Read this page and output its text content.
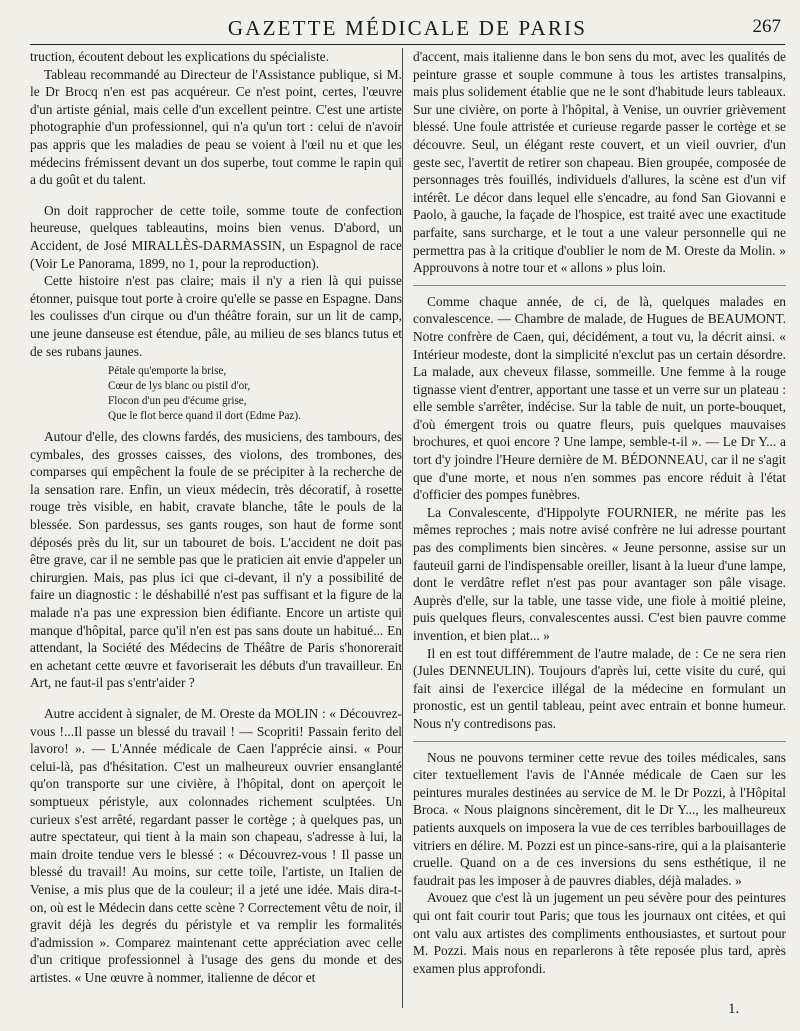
GAZETTE MÉDICALE DE PARIS	267

truction, écoutent debout les explications du spécialiste.

Tableau recommandé au Directeur de l'Assistance publique, si M. le Dr Brocq n'en est pas acquéreur. Ce n'est point, certes, l'œuvre d'un artiste génial, mais celle d'un excellent peintre. C'est une artiste photographie d'un professionnel, qui n'a qu'un tort : celui de n'avoir pas appris que les maladies de peau se voient à l'œil nu et que les médecins frémissent devant un dos superbe, tout comme le rapin qui a du goût et du talent.

On doit rapprocher de cette toile, somme toute de confection heureuse, quelques tableautins, moins bien venus. D'abord, un Accident, de José MIRALLÈS-DARMASSIN, un Espagnol de race (Voir Le Panorama, 1899, no 1, pour la reproduction).

Cette histoire n'est pas claire; mais il n'y a rien là qui puisse étonner, puisque tout porte à croire qu'elle se passe en Espagne. Dans les coulisses d'un cirque ou d'un théâtre forain, sur un lit de camp, une jeune danseuse est étendue, pâle, au milieu de ses blancs tutus et de ses rubans jaunes.

Pétale qu'emporte la brise,
Cœur de lys blanc ou pistil d'or,
Flocon d'un peu d'écume grise,
Que le flot berce quand il dort (Edme Paz).

Autour d'elle, des clowns fardés, des musiciens, des tambours, des cymbales, des grosses caisses, des violons, des trombones, des comparses qui empêchent la foule de se précipiter à la recherche de la sensation rare. Enfin, un vieux médecin, très décoratif, à rosette rouge très visible, en habit, cravate blanche, tâte le pouls de la blessée. Son pardessus, ses gants rouges, son haut de forme sont déposés près du lit, sur un tabouret de bois. L'accident ne doit pas être grave, car il ne semble pas que le praticien ait envie d'appeler un chirurgien. Mais, pas plus ici que ci-devant, il n'y a possibilité de faire un diagnostic : le déshabillé n'est pas suffisant et la figure de la malade n'a pas une expression bien édifiante. Encore un artiste qui manque d'hôpital, parce qu'il n'en est pas sans doute un habitué... En attendant, la Société des Médecins de Théâtre de Paris s'honorerait en achetant cette œuvre et favoriserait les débuts d'un travailleur. En Art, ne faut-il pas s'entr'aider ?

Autre accident à signaler, de M. Oreste da MOLIN : « Découvrez-vous !...Il passe un blessé du travail ! — Scopriti! Passain ferito del lavoro! ». — L'Année médicale de Caen l'apprécie ainsi. « Pour celui-là, pas d'hésitation. C'est un malheureux ouvrier ensanglanté qu'on transporte sur une civière, à l'hôpital, dont on aperçoit le somptueux péristyle, aux colonnades richement sculptées. Un curieux s'est arrêté, regardant passer le cortège ; à quelques pas, un autre spectateur, qui tient à la main son chapeau, s'adresse à lui, la main droite tendue vers le blessé : « Découvrez-vous ! Il passe un blessé du travail! Au moins, sur cette toile, l'artiste, un Italien de Venise, a mis plus que de la couleur; il a jeté une idée. Mais dira-t-on, où est le Médecin dans cette scène ? Correctement vêtu de noir, il gravit déjà les degrés du péristyle et va remplir les formalités d'admission ». Comparez maintenant cette appréciation avec celle d'un critique professionnel à l'usage des gens du monde et des artistes. « Une œuvre à nommer, italienne de décor et

d'accent, mais italienne dans le bon sens du mot, avec les qualités de peinture grasse et souple commune à tous les artistes transalpins, mais plus solidement établie que ne le sont d'habitude leurs tableaux. Sur une civière, on porte à l'hôpital, à Venise, un ouvrier grièvement blessé. Une foule attristée et curieuse regarde passer le cortège et se découvre. Seul, un élégant reste couvert, et un vieil ouvrier, d'un geste sec, l'avertit de retirer son chapeau. Bien groupée, composée de personnages très fouillés, individuels d'allures, la scène est d'un vif intérêt. Le décor dans lequel elle s'encadre, au fond San Giovanni e Paolo, à gauche, la façade de l'hospice, est traité avec une exactitude parfaite, sans surcharge, et le tout a une valeur personnelle qui ne permettra pas à la critique d'oublier le nom de M. Oreste da Molin. » Approuvons à notre tour et « allons » plus loin.

Comme chaque année, de ci, de là, quelques malades en convalescence. — Chambre de malade, de Hugues de BEAUMONT. Notre confrère de Caen, qui, décidément, a tout vu, la décrit ainsi. « Intérieur modeste, dont la simplicité n'exclut pas un certain désordre. La malade, aux cheveux filasse, sommeille. Une femme à la rouge tignasse vient d'entrer, apportant une tasse et un verre sur un plateau : elle semble s'arrêter, indécise. Sur la table de nuit, un porte-bouquet, d'où émergent trois ou quatre fleurs, puis quelques mauvaises brochures, et quoi encore ? Une lampe, semble-t-il ». — Le Dr Y... a tort d'y joindre l'Heure dernière de M. BÉDONNEAU, car il ne s'agit que d'une morte, et nous n'en sommes pas encore réduit à l'état d'officier des pompes funèbres.

La Convalescente, d'Hippolyte FOURNIER, ne mérite pas les mêmes reproches ; mais notre avisé confrère ne lui adresse pourtant pas des compliments bien sincères. « Jeune personne, assise sur un fauteuil garni de l'indispensable oreiller, lisant à la lueur d'une lampe, dont le verdâtre reflet n'est pas pour avantager son pâle visage. Auprès d'elle, sur la table, une tasse vide, une fiole à moitié pleine, puis quelques fleurs, convalescentes aussi. C'est bien pauvre comme invention, et bien plat... »

Il en est tout différemment de l'autre malade, de : Ce ne sera rien (Jules DENNEULIN). Toujours d'après lui, cette visite du curé, qui fait ainsi de l'exercice illégal de la médecine en formulant un pronostic, est un gentil tableau, peint avec entrain et bonne humeur. Nous n'y contredisons pas.

Nous ne pouvons terminer cette revue des toiles médicales, sans citer textuellement l'avis de l'Année médicale de Caen sur les peintures murales destinées au service de M. le Dr Pozzi, à l'Hôpital Broca. « Nous plaignons sincèrement, dit le Dr Y..., les malheureux patients auxquels on imposera la vue de ces terribles barbouillages de vitriers en délire. M. Pozzi est un pince-sans-rire, qui a la plaisanterie cruelle. Quand on a de ces inversions du sens esthétique, il ne faudrait pas les imposer à de pauvres diables, déjà malades. »

Avouez que c'est là un jugement un peu sévère pour des peintures qui ont fait courir tout Paris; que tous les journaux ont citées, et qui ont valu aux artistes des compliments enthousiastes, et surtout pour M. Pozzi. Mais nous en reparlerons à tête reposée plus tard, après examen plus approfondi.

1.
